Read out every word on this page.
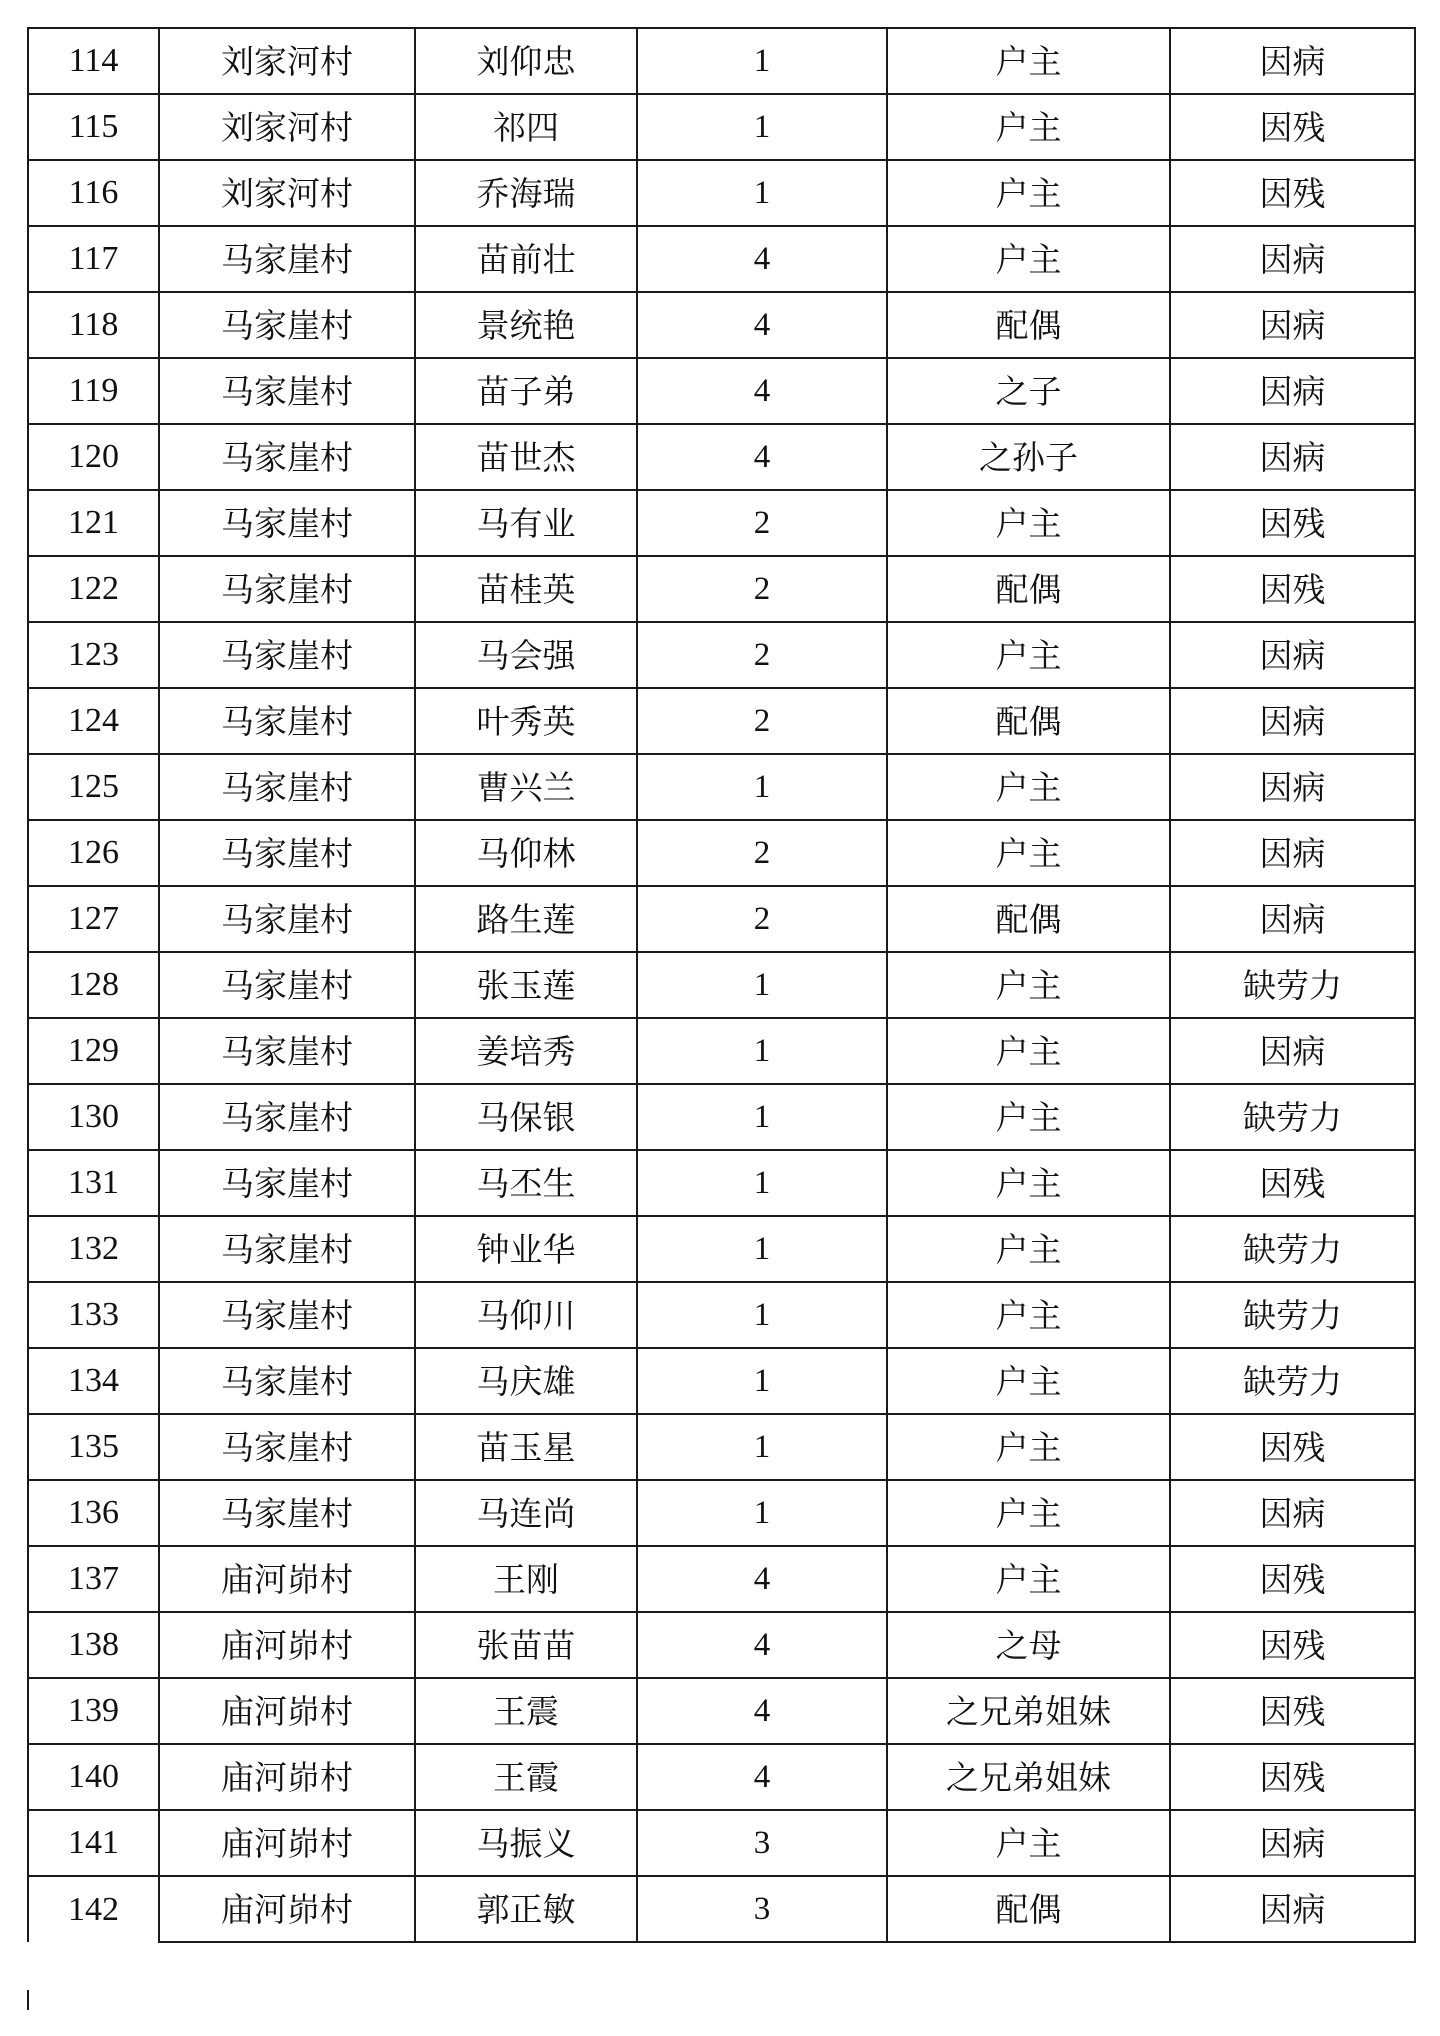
114	刘家河村	刘仰忠	1	户主	因病
115	刘家河村	祁四	1	户主	因残
116	刘家河村	乔海瑞	1	户主	因残
117	马家崖村	苗前壮	4	户主	因病
118	马家崖村	景统艳	4	配偶	因病
119	马家崖村	苗子弟	4	之子	因病
120	马家崖村	苗世杰	4	之孙子	因病
121	马家崖村	马有业	2	户主	因残
122	马家崖村	苗桂英	2	配偶	因残
123	马家崖村	马会强	2	户主	因病
124	马家崖村	叶秀英	2	配偶	因病
125	马家崖村	曹兴兰	1	户主	因病
126	马家崖村	马仰林	2	户主	因病
127	马家崖村	路生莲	2	配偶	因病
128	马家崖村	张玉莲	1	户主	缺劳力
129	马家崖村	姜培秀	1	户主	因病
130	马家崖村	马保银	1	户主	缺劳力
131	马家崖村	马丕生	1	户主	因残
132	马家崖村	钟业华	1	户主	缺劳力
133	马家崖村	马仰川	1	户主	缺劳力
134	马家崖村	马庆雄	1	户主	缺劳力
135	马家崖村	苗玉星	1	户主	因残
136	马家崖村	马连尚	1	户主	因病
137	庙河峁村	王刚	4	户主	因残
138	庙河峁村	张苗苗	4	之母	因残
139	庙河峁村	王震	4	之兄弟姐妹	因残
140	庙河峁村	王霞	4	之兄弟姐妹	因残
141	庙河峁村	马振义	3	户主	因病
142	庙河峁村	郭正敏	3	配偶	因病
